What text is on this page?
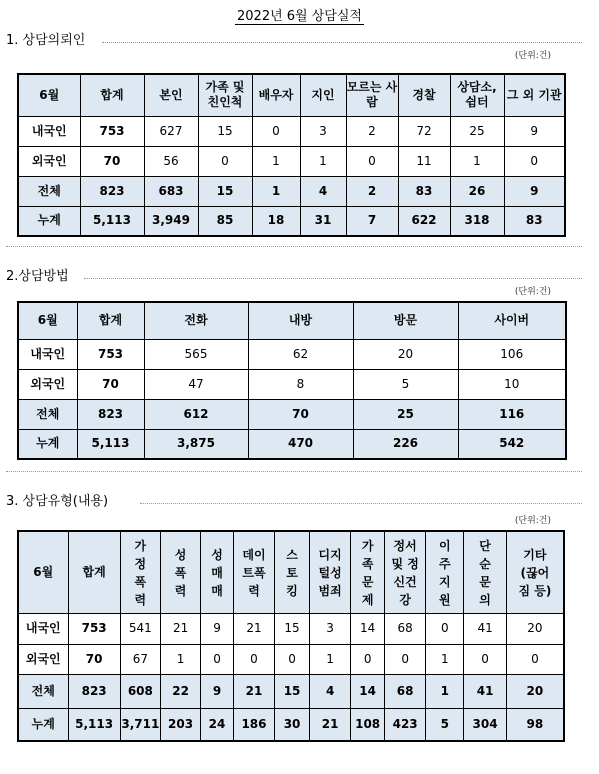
2022년 6월 상담실적
1. 상담의뢰인
(단위:건)
6월	합계	본인	가족 및 친인척	배우자	지인	모르는 사람	경찰	상담소, 쉼터	그 외 기관
내국인	753	627	15	0	3	2	72	25	9
외국인	70	56	0	1	1	0	11	1	0
전체	823	683	15	1	4	2	83	26	9
누계	5,113	3,949	85	18	31	7	622	318	83
2.상담방법
(단위:건)
6월	합계	전화	내방	방문	사이버
내국인	753	565	62	20	106
외국인	70	47	8	5	10
전체	823	612	70	25	116
누계	5,113	3,875	470	226	542
3. 상담유형(내용)
(단위:건)
6월	합계	가정폭력	성폭력	성매매	데이트폭력	스토킹	디지털성범죄	가족문제	정서 및 정신건강	이주지원	단순문의	기타(끊어짐 등)

내국인	753	541	21	9	21	15	3	14	68	0	41	20
외국인	70	67	1	0	0	0	1	0	0	1	0	0
전체	823	608	22	9	21	15	4	14	68	1	41	20
누계	5,113	3,711	203	24	186	30	21	108	423	5	304	98
